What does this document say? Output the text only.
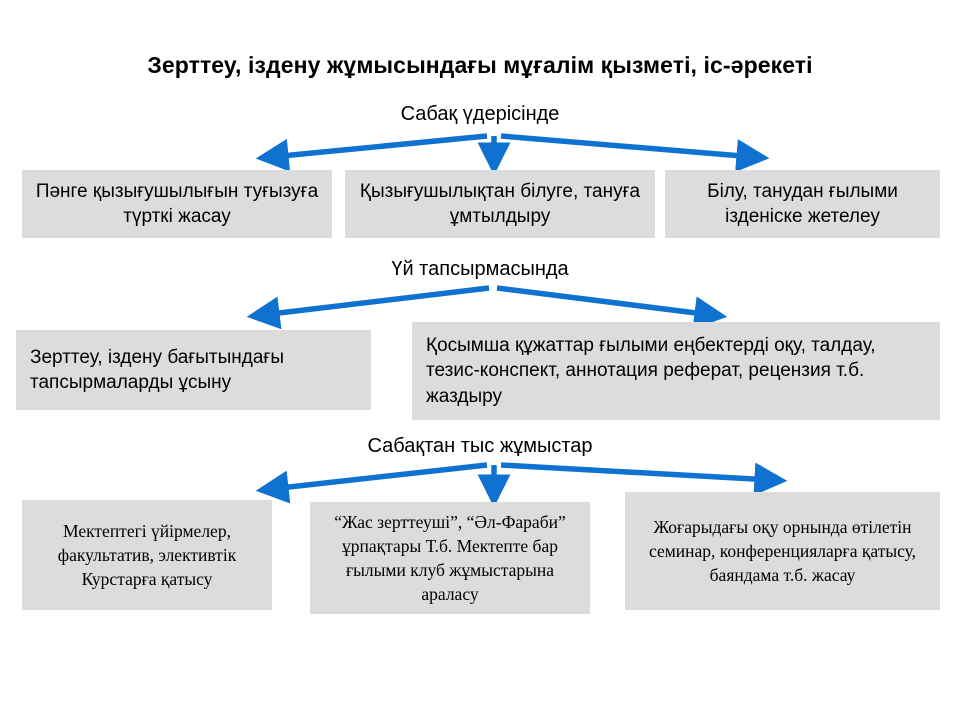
Зерттеу, іздену жұмысындағы мұғалім қызметі, іс-әрекеті
Сабақ үдерісінде
Пәнге қызығушылығын туғызуға түрткі жасау
Қызығушылықтан білуге, тануға ұмтылдыру
Білу, танудан ғылыми ізденіске жетелеу
Үй тапсырмасында
Зерттеу, іздену бағытындағы тапсырмаларды ұсыну
Қосымша құжаттар ғылыми еңбектерді оқу, талдау, тезис-конспект, аннотация реферат, рецензия т.б. жаздыру
Сабақтан тыс жұмыстар
Мектептегі үйірмелер, факультатив, элективтік Курстарға қатысу
“Жас зерттеуші”, “Әл-Фараби” ұрпақтары Т.б. Мектепте бар ғылыми клуб жұмыстарына араласу
Жоғарыдағы оқу орнында өтілетін семинар, конференцияларға қатысу, баяндама т.б. жасау
